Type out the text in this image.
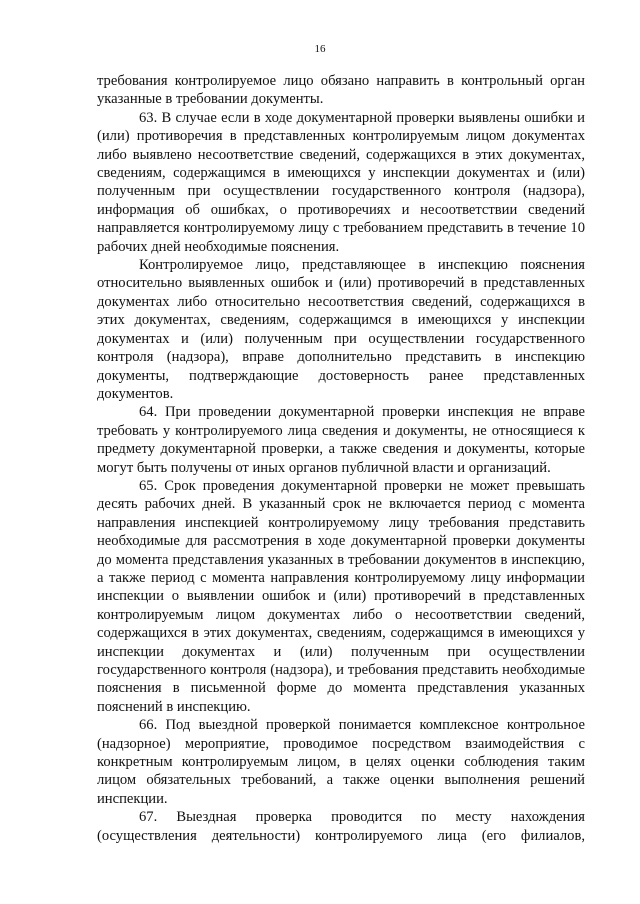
16

требования контролируемое лицо обязано направить в контрольный орган указанные в требовании документы.

63. В случае если в ходе документарной проверки выявлены ошибки и (или) противоречия в представленных контролируемым лицом документах либо выявлено несоответствие сведений, содержащихся в этих документах, сведениям, содержащимся в имеющихся у инспекции документах и (или) полученным при осуществлении государственного контроля (надзора), информация об ошибках, о противоречиях и несоответствии сведений направляется контролируемому лицу с требованием представить в течение 10 рабочих дней необходимые пояснения.

Контролируемое лицо, представляющее в инспекцию пояснения относительно выявленных ошибок и (или) противоречий в представленных документах либо относительно несоответствия сведений, содержащихся в этих документах, сведениям, содержащимся в имеющихся у инспекции документах и (или) полученным при осуществлении государственного контроля (надзора), вправе дополнительно представить в инспекцию документы, подтверждающие достоверность ранее представленных документов.

64. При проведении документарной проверки инспекция не вправе требовать у контролируемого лица сведения и документы, не относящиеся к предмету документарной проверки, а также сведения и документы, которые могут быть получены от иных органов публичной власти и организаций.

65. Срок проведения документарной проверки не может превышать десять рабочих дней. В указанный срок не включается период с момента направления инспекцией контролируемому лицу требования представить необходимые для рассмотрения в ходе документарной проверки документы до момента представления указанных в требовании документов в инспекцию, а также период с момента направления контролируемому лицу информации инспекции о выявлении ошибок и (или) противоречий в представленных контролируемым лицом документах либо о несоответствии сведений, содержащихся в этих документах, сведениям, содержащимся в имеющихся у инспекции документах и (или) полученным при осуществлении государственного контроля (надзора), и требования представить необходимые пояснения в письменной форме до момента представления указанных пояснений в инспекцию.

66. Под выездной проверкой понимается комплексное контрольное (надзорное) мероприятие, проводимое посредством взаимодействия с конкретным контролируемым лицом, в целях оценки соблюдения таким лицом обязательных требований, а также оценки выполнения решений инспекции.

67. Выездная проверка проводится по месту нахождения (осуществления деятельности) контролируемого лица (его филиалов,
